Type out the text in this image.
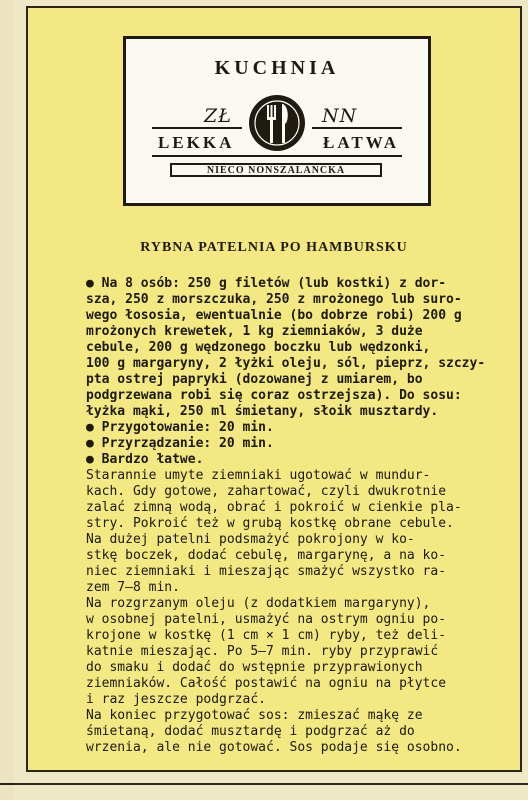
KUCHNIA
ZŁ	NN
LEKKA	ŁATWA
NIECO NONSZALANCKA
RYBNA PATELNIA PO HAMBURSKU
● Na 8 osób: 250 g filetów (lub kostki) z dor-
sza, 250 z morszczuka, 250 z mrożonego lub suro-
wego łososia, ewentualnie (bo dobrze robi) 200 g
mrożonych krewetek, 1 kg ziemniaków, 3 duże
cebule, 200 g wędzonego boczku lub wędzonki,
100 g margaryny, 2 łyżki oleju, sól, pieprz, szczy-
pta ostrej papryki (dozowanej z umiarem, bo
podgrzewana robi się coraz ostrzejsza). Do sosu:
łyżka mąki, 250 ml śmietany, słoik musztardy.
● Przygotowanie: 20 min.
● Przyrządzanie: 20 min.
● Bardzo łatwe.
Starannie umyte ziemniaki ugotować w mundur-
kach. Gdy gotowe, zahartować, czyli dwukrotnie
zalać zimną wodą, obrać i pokroić w cienkie pla-
stry. Pokroić też w grubą kostkę obrane cebule.
Na dużej patelni podsmażyć pokrojony w ko-
stkę boczek, dodać cebulę, margarynę, a na ko-
niec ziemniaki i mieszając smażyć wszystko ra-
zem 7—8 min.
Na rozgrzanym oleju (z dodatkiem margaryny),
w osobnej patelni, usmażyć na ostrym ogniu po-
krojone w kostkę (1 cm × 1 cm) ryby, też deli-
katnie mieszając. Po 5—7 min. ryby przyprawić
do smaku i dodać do wstępnie przyprawionych
ziemniaków. Całość postawić na ogniu na płytce
i raz jeszcze podgrzać.
Na koniec przygotować sos: zmieszać mąkę ze
śmietaną, dodać musztardę i podgrzać aż do
wrzenia, ale nie gotować. Sos podaje się osobno.
